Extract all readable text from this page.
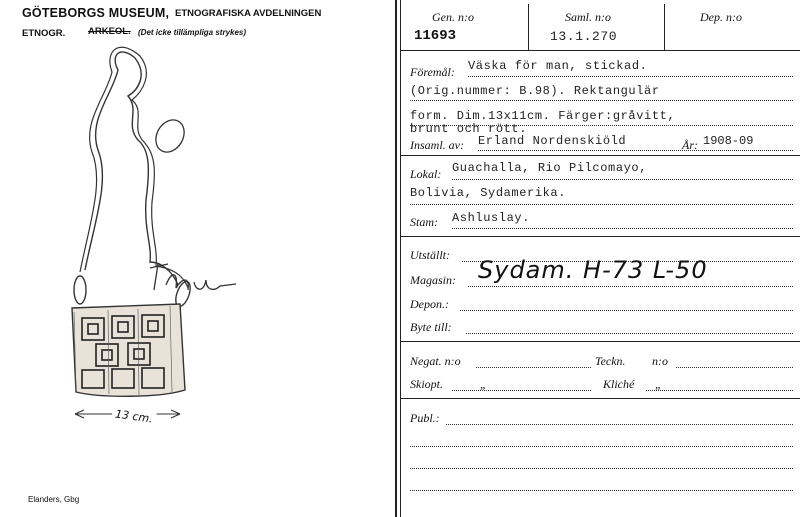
GÖTEBORGS MUSEUM, ETNOGRAFISKA AVDELNINGEN
ETNOGR. ARKEOL. (Det icke tillämpliga strykes)
13 cm.
Elanders, Gbg
Gen. n:o	Saml. n:o	Dep. n:o
11693	13.1.270
Föremål: Väska för man, stickad.
(Orig.nummer: B.98). Rektangulär
form. Dim.13x11cm. Färger:gråvitt,
brunt och rött.
Insaml. av: Erland Nordenskiöld	År: 1908-09
Lokal: Guachalla, Rio Pilcomayo,
Bolivia, Sydamerika.
Stam: Ashluslay.
Utställt:
Magasin: Sydam. H-73 L-50
Depon.:
Byte till:
Negat. n:o	Teckn. n:o
Skiopt.	„	Kliché „
Publ.:
